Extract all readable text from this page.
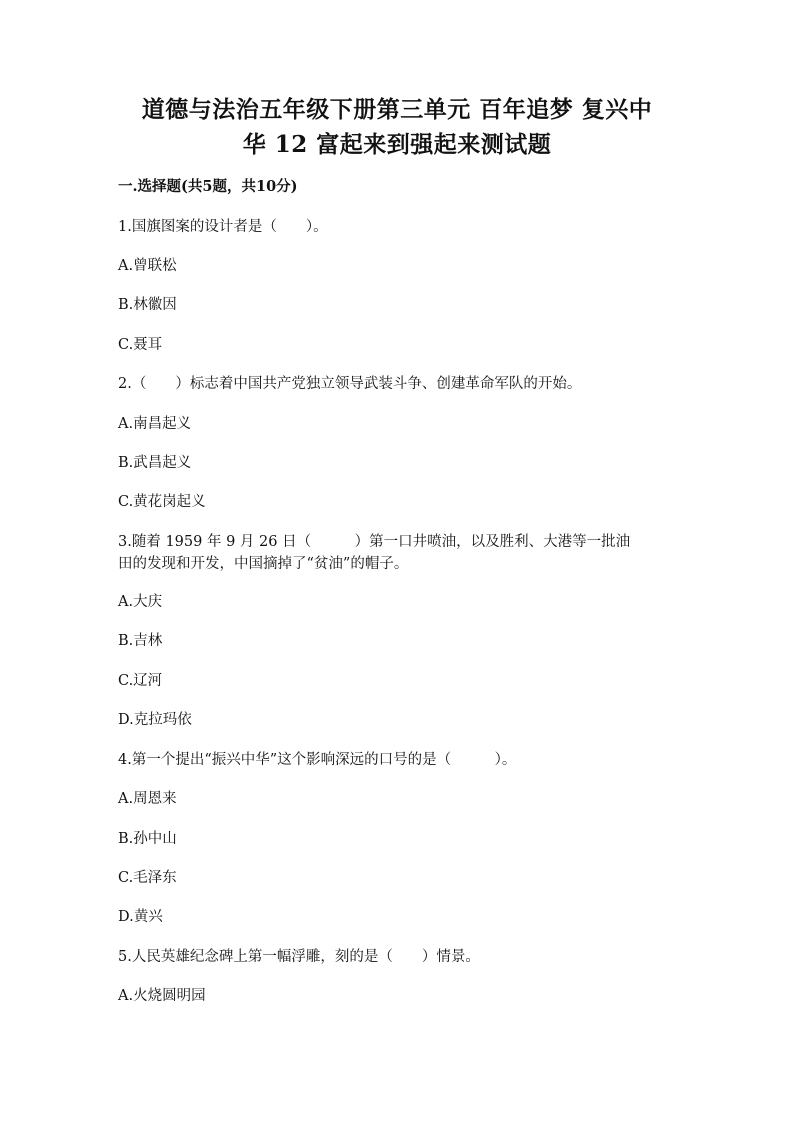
道德与法治五年级下册第三单元 百年追梦 复兴中
华 12 富起来到强起来测试题

一.选择题(共5题，共10分)

1.国旗图案的设计者是（　　）。

A.曾联松

B.林徽因

C.聂耳

2.（　　）标志着中国共产党独立领导武装斗争、创建革命军队的开始。

A.南昌起义

B.武昌起义

C.黄花岗起义

3.随着 1959 年 9 月 26 日（　　　）第一口井喷油，以及胜利、大港等一批油

田的发现和开发，中国摘掉了“贫油”的帽子。

A.大庆

B.吉林

C.辽河

D.克拉玛依

4.第一个提出“振兴中华”这个影响深远的口号的是（　　　）。

A.周恩来

B.孙中山

C.毛泽东

D.黄兴

5.人民英雄纪念碑上第一幅浮雕，刻的是（　　）情景。

A.火烧圆明园
